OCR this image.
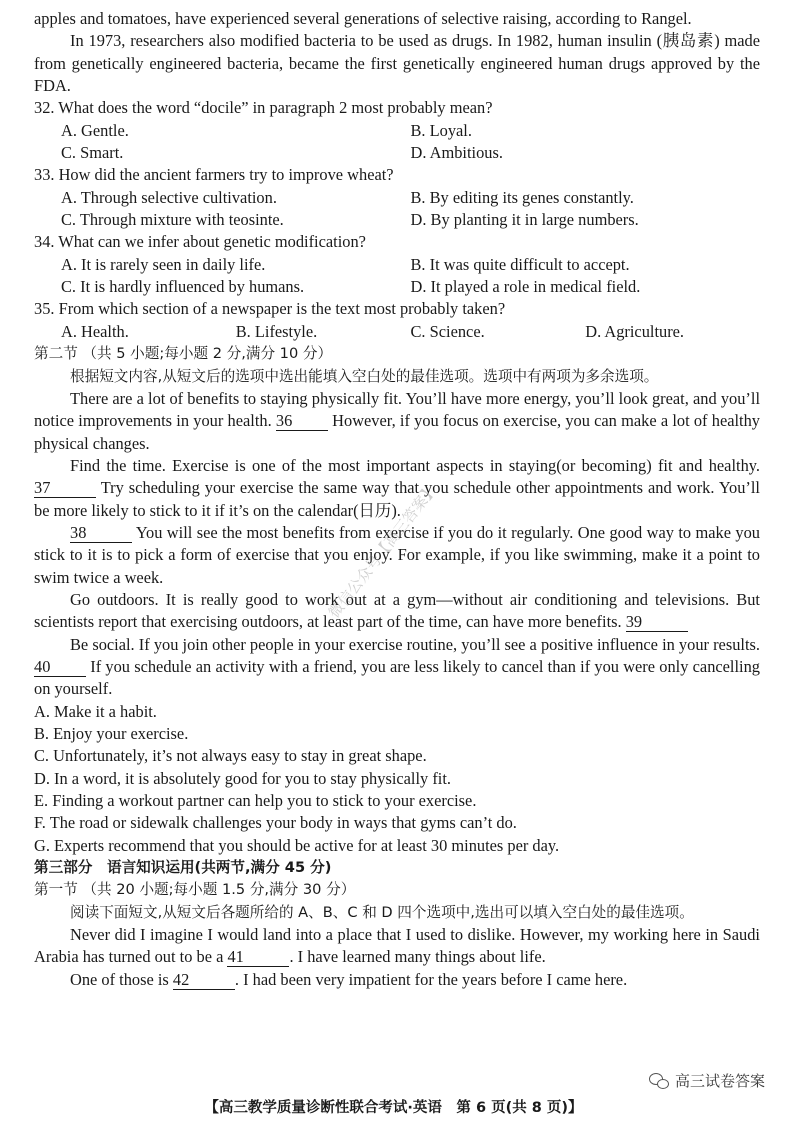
apples and tomatoes, have experienced several generations of selective raising, according to Rangel.

In 1973, researchers also modified bacteria to be used as drugs. In 1982, human insulin (胰岛素) made from genetically engineered bacteria, became the first genetically engineered human drugs approved by the FDA.

32. What does the word “docile” in paragraph 2 most probably mean?

A. Gentle.	B. Loyal.
C. Smart.	D. Ambitious.

33. How did the ancient farmers try to improve wheat?

A. Through selective cultivation.	B. By editing its genes constantly.
C. Through mixture with teosinte.	D. By planting it in large numbers.

34. What can we infer about genetic modification?

A. It is rarely seen in daily life.	B. It was quite difficult to accept.
C. It is hardly influenced by humans.	D. It played a role in medical field.

35. From which section of a newspaper is the text most probably taken?

A. Health.	B. Lifestyle.	C. Science.	D. Agriculture.

第二节 （共 5 小题;每小题 2 分,满分 10 分）

根据短文内容,从短文后的选项中选出能填入空白处的最佳选项。选项中有两项为多余选项。

There are a lot of benefits to staying physically fit. You’ll have more energy, you’ll look great, and you’ll notice improvements in your health. 36 However, if you focus on exercise, you can make a lot of healthy physical changes.

Find the time. Exercise is one of the most important aspects in staying(or becoming) fit and healthy. 37	Try scheduling your exercise the same way that you schedule other appointments and work. You’ll be more likely to stick to it if it’s on the calendar(日历).

38	You will see the most benefits from exercise if you do it regularly. One good way to make you stick to it is to pick a form of exercise that you enjoy. For example, if you like swimming, make it a point to swim twice a week.

Go outdoors. It is really good to work out at a gym—without air conditioning and televisions. But scientists report that exercising outdoors, at least part of the time, can have more benefits. 39

Be social. If you join other people in your exercise routine, you’ll see a positive influence in your results. 40 If you schedule an activity with a friend, you are less likely to cancel than if you were only cancelling on yourself.

A. Make it a habit.

B. Enjoy your exercise.

C. Unfortunately, it’s not always easy to stay in great shape.

D. In a word, it is absolutely good for you to stay physically fit.

E. Finding a workout partner can help you to stick to your exercise.

F. The road or sidewalk challenges your body in ways that gyms can’t do.

G. Experts recommend that you should be active for at least 30 minutes per day.

第三部分　语言知识运用(共两节,满分 45 分)

第一节 （共 20 小题;每小题 1.5 分,满分 30 分）

阅读下面短文,从短文后各题所给的 A、B、C 和 D 四个选项中,选出可以填入空白处的最佳选项。

Never did I imagine I would land into a place that I used to dislike. However, my working here in Saudi Arabia has turned out to be a 41	. I have learned many things about life.

One of those is 42	. I had been very impatient for the years before I came here.

微信公众号【高三答案】
高三试卷答案
【高三教学质量诊断性联合考试·英语　第 6 页(共 8 页)】
